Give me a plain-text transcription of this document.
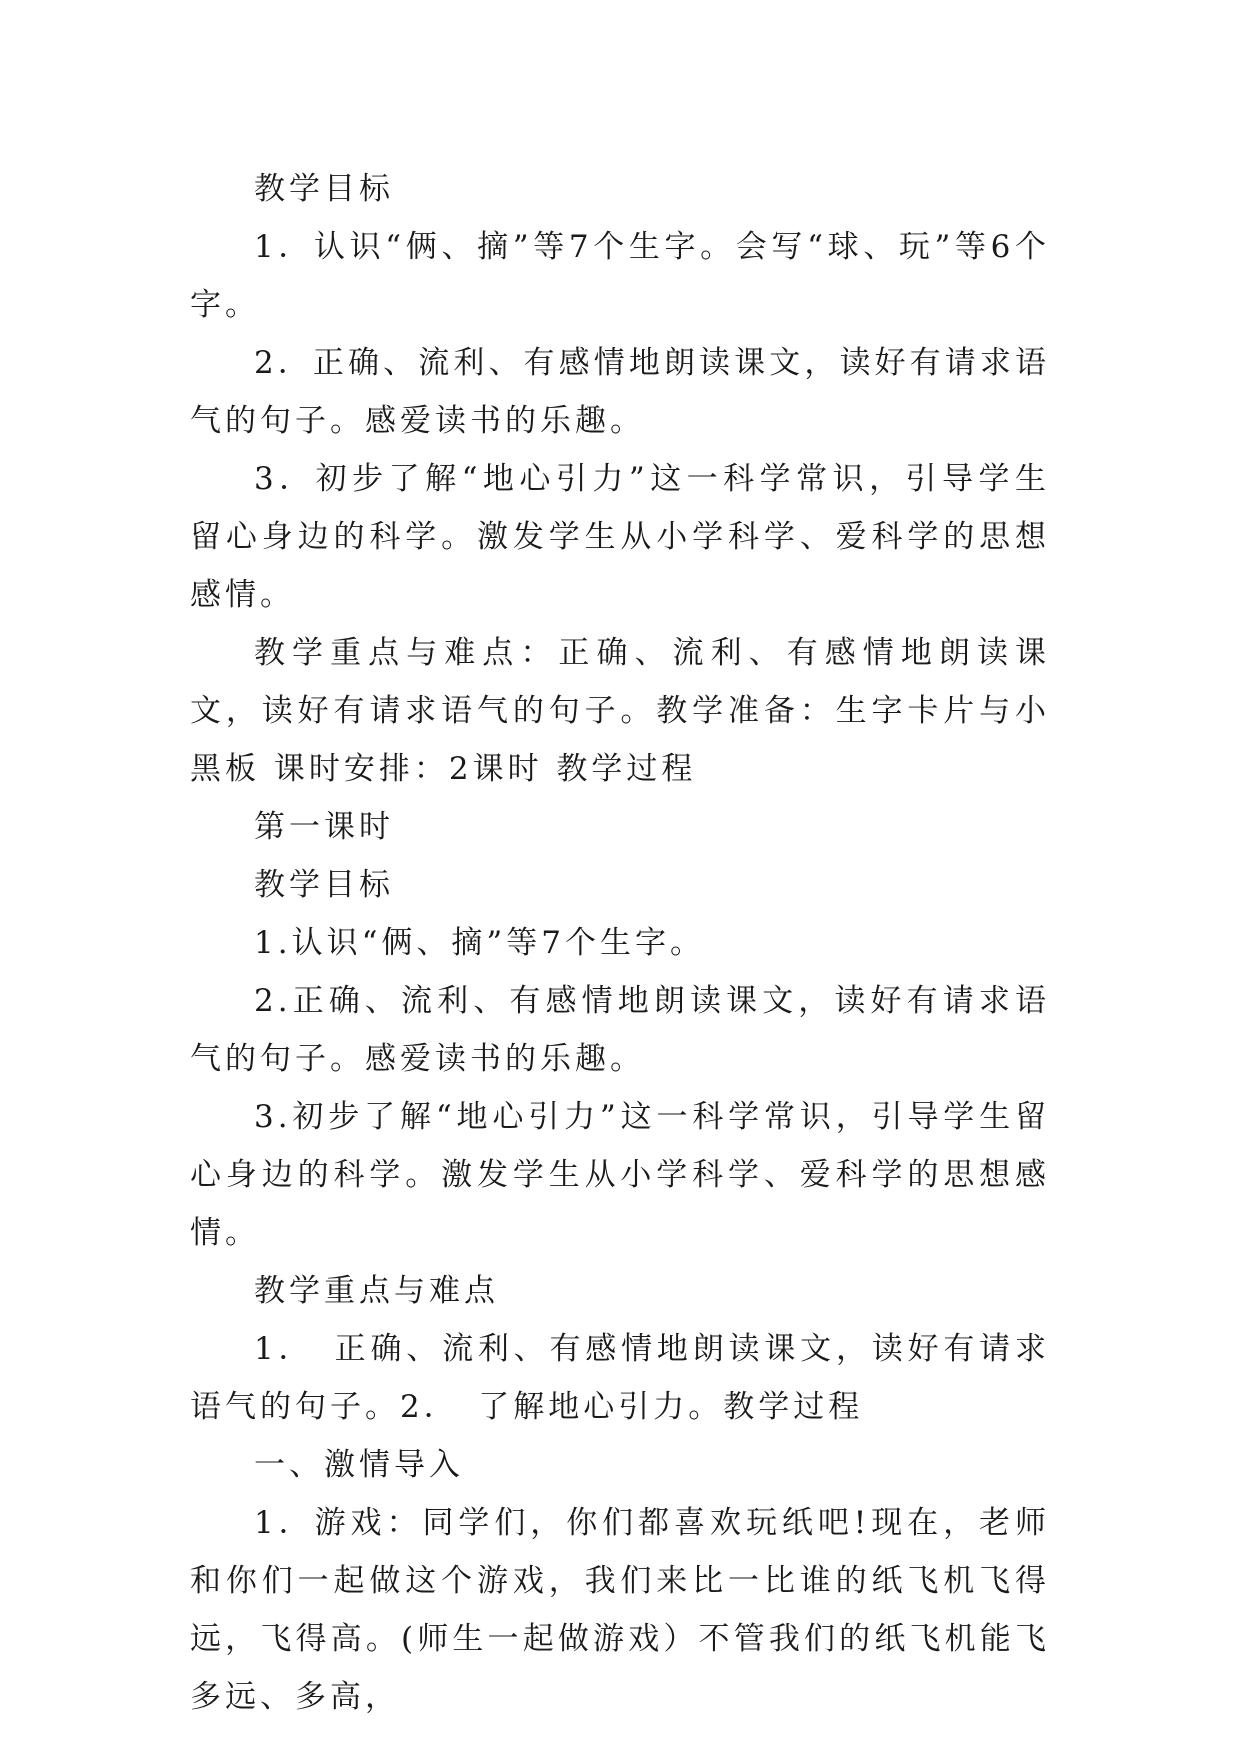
教学目标

1．认识“俩、摘”等7个生字。会写“球、玩”等6个字。

2．正确、流利、有感情地朗读课文，读好有请求语气的句子。感爱读书的乐趣。

3．初步了解“地心引力”这一科学常识，引导学生留心身边的科学。激发学生从小学科学、爱科学的思想感情。

教学重点与难点：正确、流利、有感情地朗读课文，读好有请求语气的句子。教学准备：生字卡片与小黑板 课时安排：2课时 教学过程

第一课时

教学目标

1.认识“俩、摘”等7个生字。

2.正确、流利、有感情地朗读课文，读好有请求语气的句子。感爱读书的乐趣。

3.初步了解“地心引力”这一科学常识，引导学生留心身边的科学。激发学生从小学科学、爱科学的思想感情。

教学重点与难点

1．　正确、流利、有感情地朗读课文，读好有请求语气的句子。2．　了解地心引力。教学过程

一、激情导入

1．游戏：同学们，你们都喜欢玩纸吧!现在，老师和你们一起做这个游戏，我们来比一比谁的纸飞机飞得远，飞得高。(师生一起做游戏）不管我们的纸飞机能飞多远、多高，
